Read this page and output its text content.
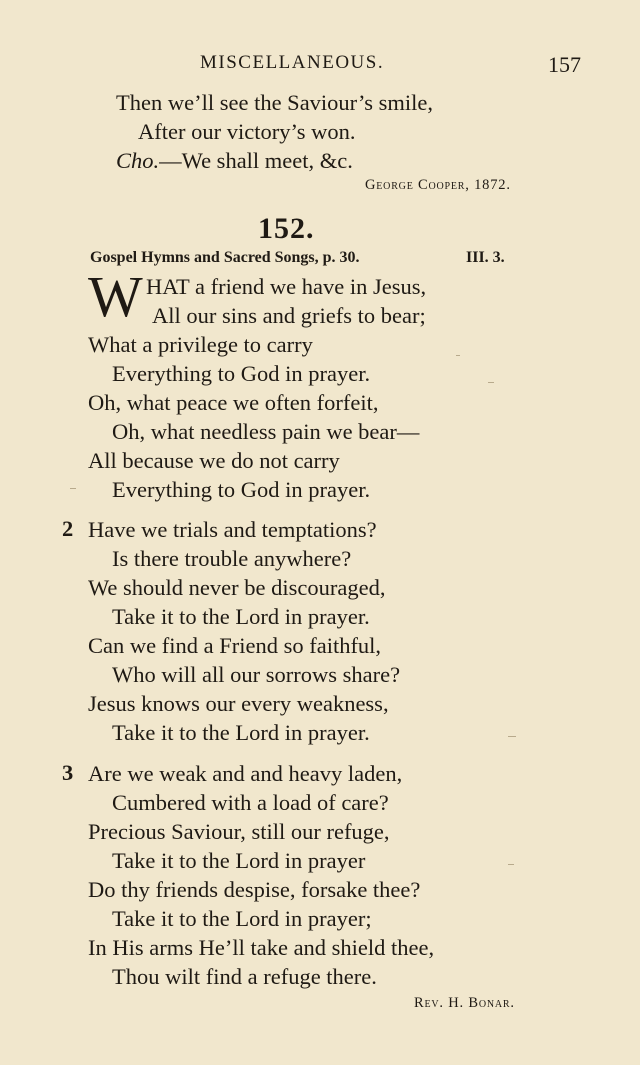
MISCELLANEOUS.	157
Then we’ll see the Saviour’s smile,
After our victory’s won.
Cho.—We shall meet, &c.
George Cooper, 1872.
152.
Gospel Hymns and Sacred Songs, p. 30.	III. 3.
W HAT a friend we have in Jesus,
All our sins and griefs to bear;
What a privilege to carry
Everything to God in prayer.
Oh, what peace we often forfeit,
Oh, what needless pain we bear—
All because we do not carry
Everything to God in prayer.
2 Have we trials and temptations?
Is there trouble anywhere?
We should never be discouraged,
Take it to the Lord in prayer.
Can we find a Friend so faithful,
Who will all our sorrows share?
Jesus knows our every weakness,
Take it to the Lord in prayer.
3 Are we weak and and heavy laden,
Cumbered with a load of care?
Precious Saviour, still our refuge,
Take it to the Lord in prayer
Do thy friends despise, forsake thee?
Take it to the Lord in prayer;
In His arms He’ll take and shield thee,
Thou wilt find a refuge there.
Rev. H. Bonar.
